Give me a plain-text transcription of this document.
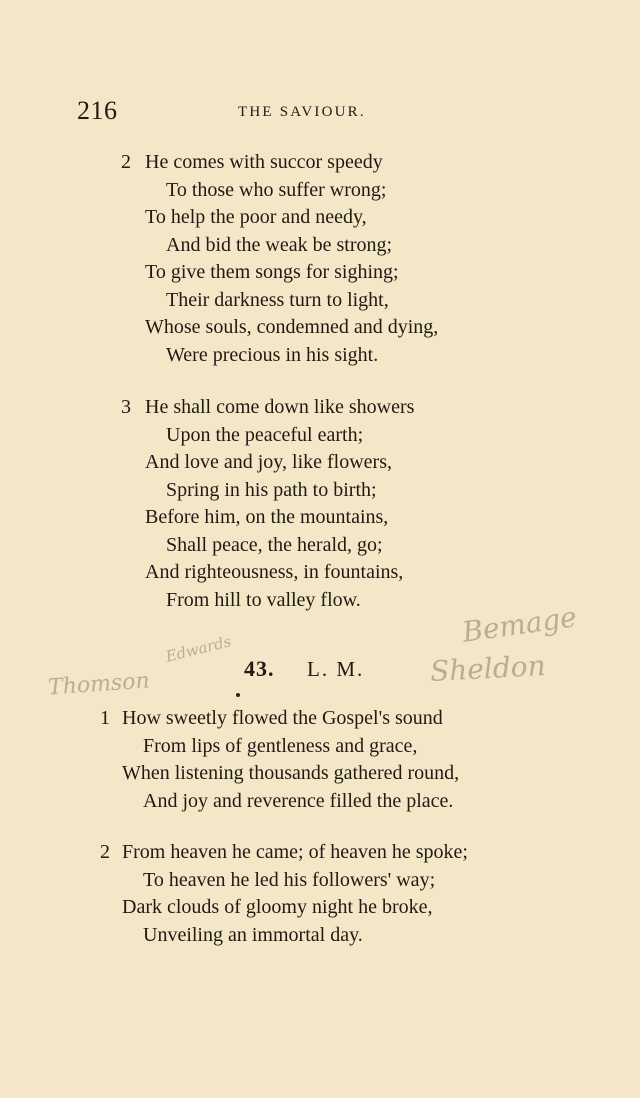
216	THE SAVIOUR.
2 He comes with succor speedy
To those who suffer wrong;
To help the poor and needy,
And bid the weak be strong;
To give them songs for sighing;
Their darkness turn to light,
Whose souls, condemned and dying,
Were precious in his sight.
3 He shall come down like showers
Upon the peaceful earth;
And love and joy, like flowers,
Spring in his path to birth;
Before him, on the mountains,
Shall peace, the herald, go;
And righteousness, in fountains,
From hill to valley flow.
Thomson
Edwards
Bemage
Sheldon
43. L. M.
1 How sweetly flowed the Gospel's sound
From lips of gentleness and grace,
When listening thousands gathered round,
And joy and reverence filled the place.
2 From heaven he came; of heaven he spoke;
To heaven he led his followers' way;
Dark clouds of gloomy night he broke,
Unveiling an immortal day.
